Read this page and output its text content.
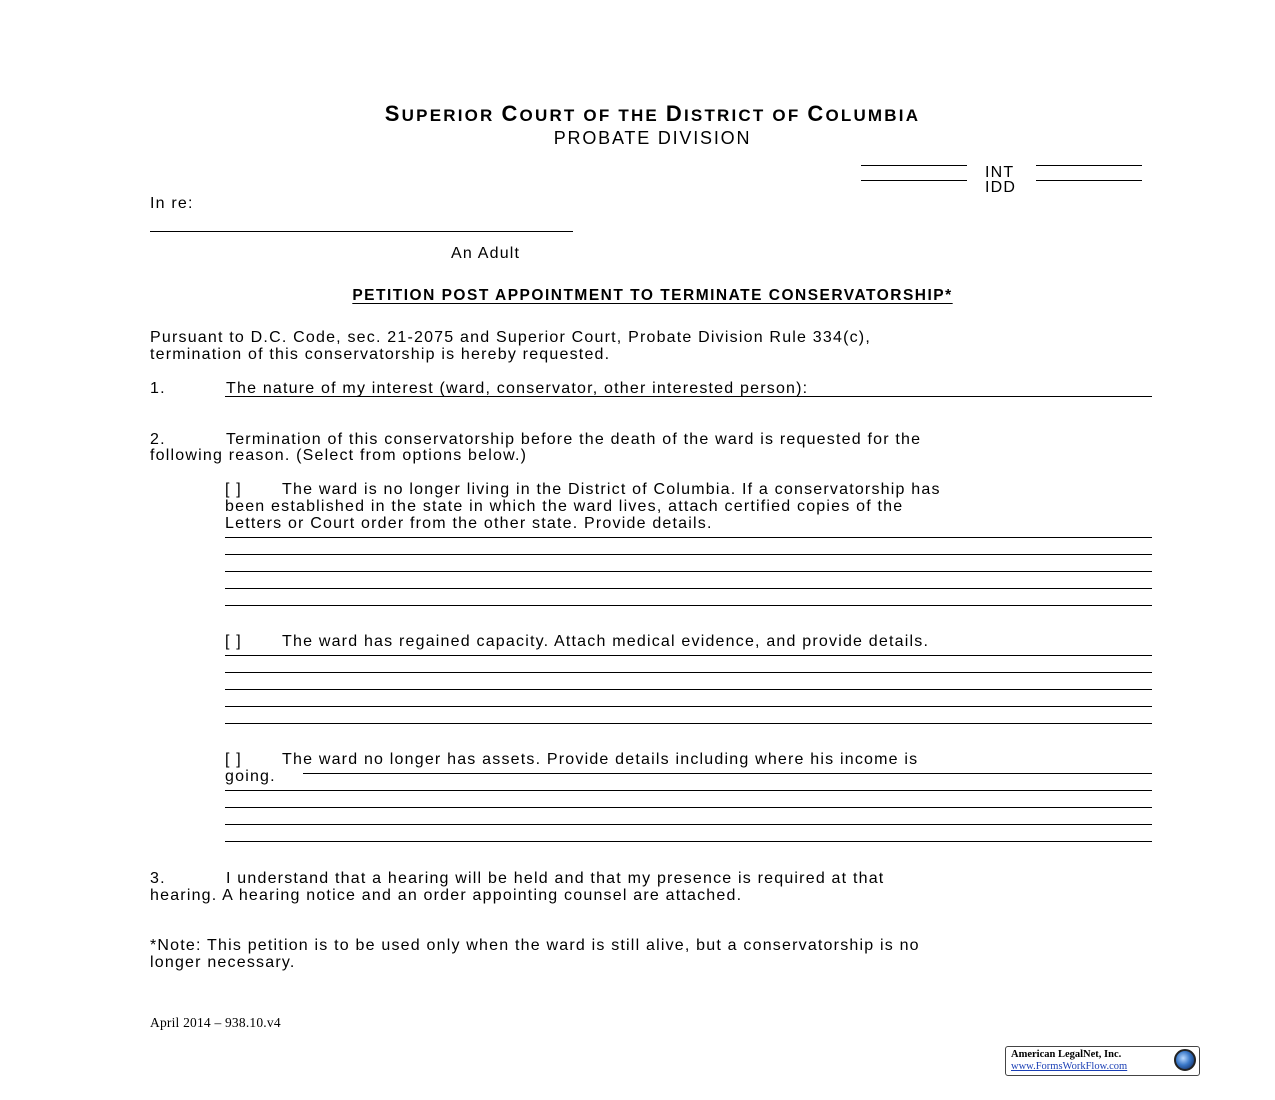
SUPERIOR COURT OF THE DISTRICT OF COLUMBIA
PROBATE DIVISION
INT
IDD
In re:
An Adult
PETITION POST APPOINTMENT TO TERMINATE CONSERVATORSHIP*
Pursuant to D.C. Code, sec. 21-2075 and Superior Court, Probate Division Rule 334(c),
termination of this conservatorship is hereby requested.
1.	The nature of my interest (ward, conservator, other interested person):
2.	Termination of this conservatorship before the death of the ward is requested for the
following reason. (Select from options below.)
[ ]	The ward is no longer living in the District of Columbia. If a conservatorship has
been established in the state in which the ward lives, attach certified copies of the
Letters or Court order from the other state. Provide details.
[ ]	The ward has regained capacity. Attach medical evidence, and provide details.
[ ]	The ward no longer has assets. Provide details including where his income is
going.
3.	I understand that a hearing will be held and that my presence is required at that
hearing. A hearing notice and an order appointing counsel are attached.
*Note: This petition is to be used only when the ward is still alive, but a conservatorship is no
longer necessary.
April 2014 – 938.10.v4
American LegalNet, Inc.
www.FormsWorkFlow.com
